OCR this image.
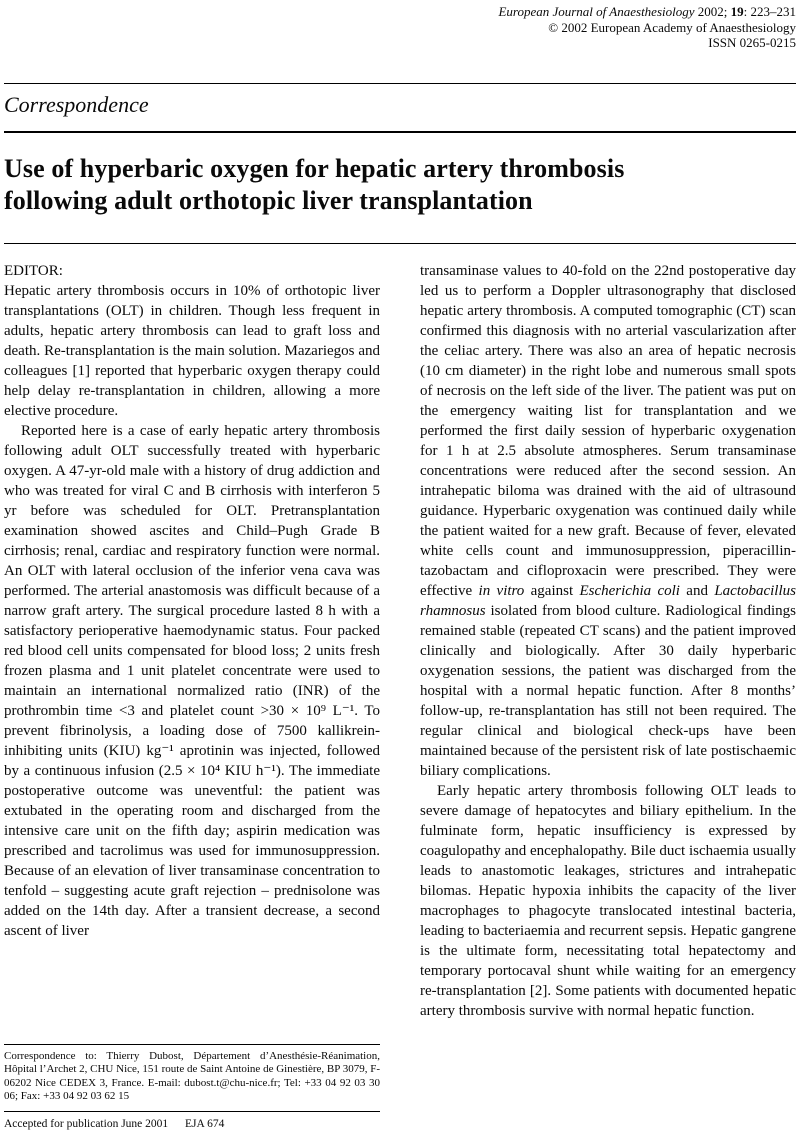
European Journal of Anaesthesiology 2002; 19: 223–231
© 2002 European Academy of Anaesthesiology
ISSN 0265-0215
Correspondence
Use of hyperbaric oxygen for hepatic artery thrombosis following adult orthotopic liver transplantation

EDITOR:

Hepatic artery thrombosis occurs in 10% of orthotopic liver transplantations (OLT) in children. Though less frequent in adults, hepatic artery thrombosis can lead to graft loss and death. Re-transplantation is the main solution. Mazariegos and colleagues [1] reported that hyperbaric oxygen therapy could help delay re-transplantation in children, allowing a more elective procedure.

Reported here is a case of early hepatic artery thrombosis following adult OLT successfully treated with hyperbaric oxygen. A 47-yr-old male with a history of drug addiction and who was treated for viral C and B cirrhosis with interferon 5 yr before was scheduled for OLT. Pretransplantation examination showed ascites and Child–Pugh Grade B cirrhosis; renal, cardiac and respiratory function were normal. An OLT with lateral occlusion of the inferior vena cava was performed. The arterial anastomosis was difficult because of a narrow graft artery. The surgical procedure lasted 8 h with a satisfactory perioperative haemodynamic status. Four packed red blood cell units compensated for blood loss; 2 units fresh frozen plasma and 1 unit platelet concentrate were used to maintain an international normalized ratio (INR) of the prothrombin time <3 and platelet count >30 × 10⁹ L⁻¹. To prevent fibrinolysis, a loading dose of 7500 kallikrein-inhibiting units (KIU) kg⁻¹ aprotinin was injected, followed by a continuous infusion (2.5 × 10⁴ KIU h⁻¹). The immediate postoperative outcome was uneventful: the patient was extubated in the operating room and discharged from the intensive care unit on the fifth day; aspirin medication was prescribed and tacrolimus was used for immunosuppression. Because of an elevation of liver transaminase concentration to tenfold – suggesting acute graft rejection – prednisolone was added on the 14th day. After a transient decrease, a second ascent of liver

Correspondence to: Thierry Dubost, Département d’Anesthésie-Réanimation, Hôpital l’Archet 2, CHU Nice, 151 route de Saint Antoine de Ginestière, BP 3079, F-06202 Nice CEDEX 3, France. E-mail: dubost.t@chu-nice.fr; Tel: +33 04 92 03 30 06; Fax: +33 04 92 03 62 15

Accepted for publication June 2001 EJA 674

transaminase values to 40-fold on the 22nd postoperative day led us to perform a Doppler ultrasonography that disclosed hepatic artery thrombosis. A computed tomographic (CT) scan confirmed this diagnosis with no arterial vascularization after the celiac artery. There was also an area of hepatic necrosis (10 cm diameter) in the right lobe and numerous small spots of necrosis on the left side of the liver. The patient was put on the emergency waiting list for transplantation and we performed the first daily session of hyperbaric oxygenation for 1 h at 2.5 absolute atmospheres. Serum transaminase concentrations were reduced after the second session. An intrahepatic biloma was drained with the aid of ultrasound guidance. Hyperbaric oxygenation was continued daily while the patient waited for a new graft. Because of fever, elevated white cells count and immunosuppression, piperacillin-tazobactam and cifloproxacin were prescribed. They were effective in vitro against Escherichia coli and Lactobacillus rhamnosus isolated from blood culture. Radiological findings remained stable (repeated CT scans) and the patient improved clinically and biologically. After 30 daily hyperbaric oxygenation sessions, the patient was discharged from the hospital with a normal hepatic function. After 8 months’ follow-up, re-transplantation has still not been required. The regular clinical and biological check-ups have been maintained because of the persistent risk of late postischaemic biliary complications.

Early hepatic artery thrombosis following OLT leads to severe damage of hepatocytes and biliary epithelium. In the fulminate form, hepatic insufficiency is expressed by coagulopathy and encephalopathy. Bile duct ischaemia usually leads to anastomotic leakages, strictures and intrahepatic bilomas. Hepatic hypoxia inhibits the capacity of the liver macrophages to phagocyte translocated intestinal bacteria, leading to bacteriaemia and recurrent sepsis. Hepatic gangrene is the ultimate form, necessitating total hepatectomy and temporary portocaval shunt while waiting for an emergency re-transplantation [2]. Some patients with documented hepatic artery thrombosis survive with normal hepatic function.
